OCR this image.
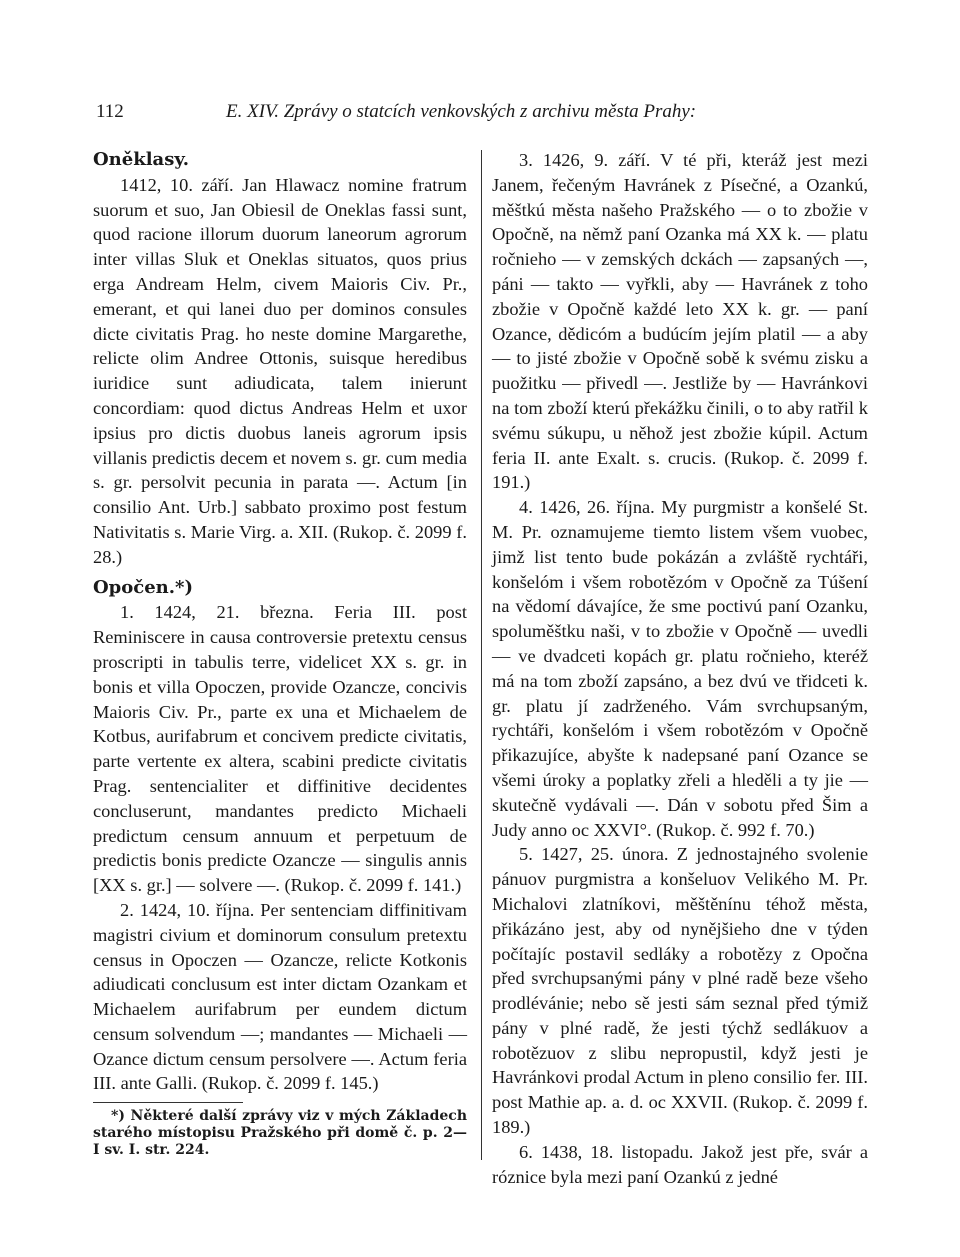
112	E. XIV. Zprávy o statcích venkovských z archivu města Prahy:

Oněklasy.

1412, 10. září. Jan Hlawacz nomine fratrum suorum et suo, Jan Obiesil de Oneklas fassi sunt, quod racione illorum duorum laneorum agrorum inter villas Sluk et Oneklas situatos, quos prius erga Andream Helm, civem Maioris Civ. Pr., emerant, et qui lanei duo per dominos consules dicte civitatis Prag. ho neste domine Margarethe, relicte olim Andree Ottonis, suisque heredibus iuridice sunt adiudicata, talem inierunt concordiam: quod dictus Andreas Helm et uxor ipsius pro dictis duobus laneis agrorum ipsis villanis predictis decem et novem s. gr. cum media s. gr. persolvit pecunia in parata —. Actum [in consilio Ant. Urb.] sabbato proximo post festum Nativitatis s. Marie Virg. a. XII. (Rukop. č. 2099 f. 28.)

Opočen.*)

1. 1424, 21. března. Feria III. post Reminiscere in causa controversie pretextu census proscripti in tabulis terre, videlicet XX s. gr. in bonis et villa Opoczen, provide Ozancze, concivis Maioris Civ. Pr., parte ex una et Michaelem de Kotbus, aurifabrum et concivem predicte civitatis, parte vertente ex altera, scabini predicte civitatis Prag. sentencialiter et diffinitive decidentes concluserunt, mandantes predicto Michaeli predictum censum annuum et perpetuum de predictis bonis predicte Ozancze — singulis annis [XX s. gr.] — solvere —. (Rukop. č. 2099 f. 141.)

2. 1424, 10. října. Per sentenciam diffinitivam magistri civium et dominorum consulum pretextu census in Opoczen — Ozancze, relicte Kotkonis adiudicati conclusum est inter dictam Ozankam et Michaelem aurifabrum per eundem dictum censum solvendum —; mandantes — Michaeli — Ozance dictum censum persolvere —. Actum feria III. ante Galli. (Rukop. č. 2099 f. 145.)

*) Některé další zprávy viz v mých Základech starého místopisu Pražského při domě č. p. 2—I sv. I. str. 224.

3. 1426, 9. září. V té při, kteráž jest mezi Janem, řečeným Havránek z Písečné, a Ozankú, měštkú města našeho Pražského — o to zbožie v Opočně, na němž paní Ozanka má XX k. — platu ročnieho — v zemských dckách — zapsaných —, páni — takto — vyřkli, aby — Havránek z toho zbožie v Opočně každé leto XX k. gr. — paní Ozance, dědicóm a budúcím jejím platil — a aby — to jisté zbožie v Opočně sobě k svému zisku a puožitku — přivedl —. Jestliže by — Havránkovi na tom zboží kterú překážku činili, o to aby ratřil k svému súkupu, u něhož jest zbožie kúpil. Actum feria II. ante Exalt. s. crucis. (Rukop. č. 2099 f. 191.)

4. 1426, 26. října. My purgmistr a konšelé St. M. Pr. oznamujeme tiemto listem všem vuobec, jimž list tento bude pokázán a zvláště rychtáři, konšelóm i všem robotězóm v Opočně za Túšení na vědomí dávajíce, že sme poctivú paní Ozanku, spoluměštku naši, v to zbožie v Opočně — uvedli — ve dvadceti kopách gr. platu ročnieho, kteréž má na tom zboží zapsáno, a bez dvú ve třidceti k. gr. platu jí zadrženého. Vám svrchupsaným, rychtáři, konšelóm i všem robotězóm v Opočně přikazujíce, abyšte k nadepsané paní Ozance se všemi úroky a poplatky zřeli a hleděli a ty jie — skutečně vydávali —. Dán v sobotu před Šim a Judy anno oc XXVI°. (Rukop. č. 992 f. 70.)

5. 1427, 25. února. Z jednostajného svolenie pánuov purgmistra a konšeluov Velikého M. Pr. Michalovi zlatníkovi, měštěnínu téhož města, přikázáno jest, aby od nynějšieho dne v týden počítajíc postavil sedláky a robotězy z Opočna před svrchupsanými pány v plné radě beze všeho prodlévánie; nebo sě jesti sám seznal před týmiž pány v plné radě, že jesti týchž sedlákuov a robotězuov z slibu nepropustil, když jesti je Havránkovi prodal Actum in pleno consilio fer. III. post Mathie ap. a. d. oc XXVII. (Rukop. č. 2099 f. 189.)

6. 1438, 18. listopadu. Jakož jest pře, svár a róznice byla mezi paní Ozankú z jedné
